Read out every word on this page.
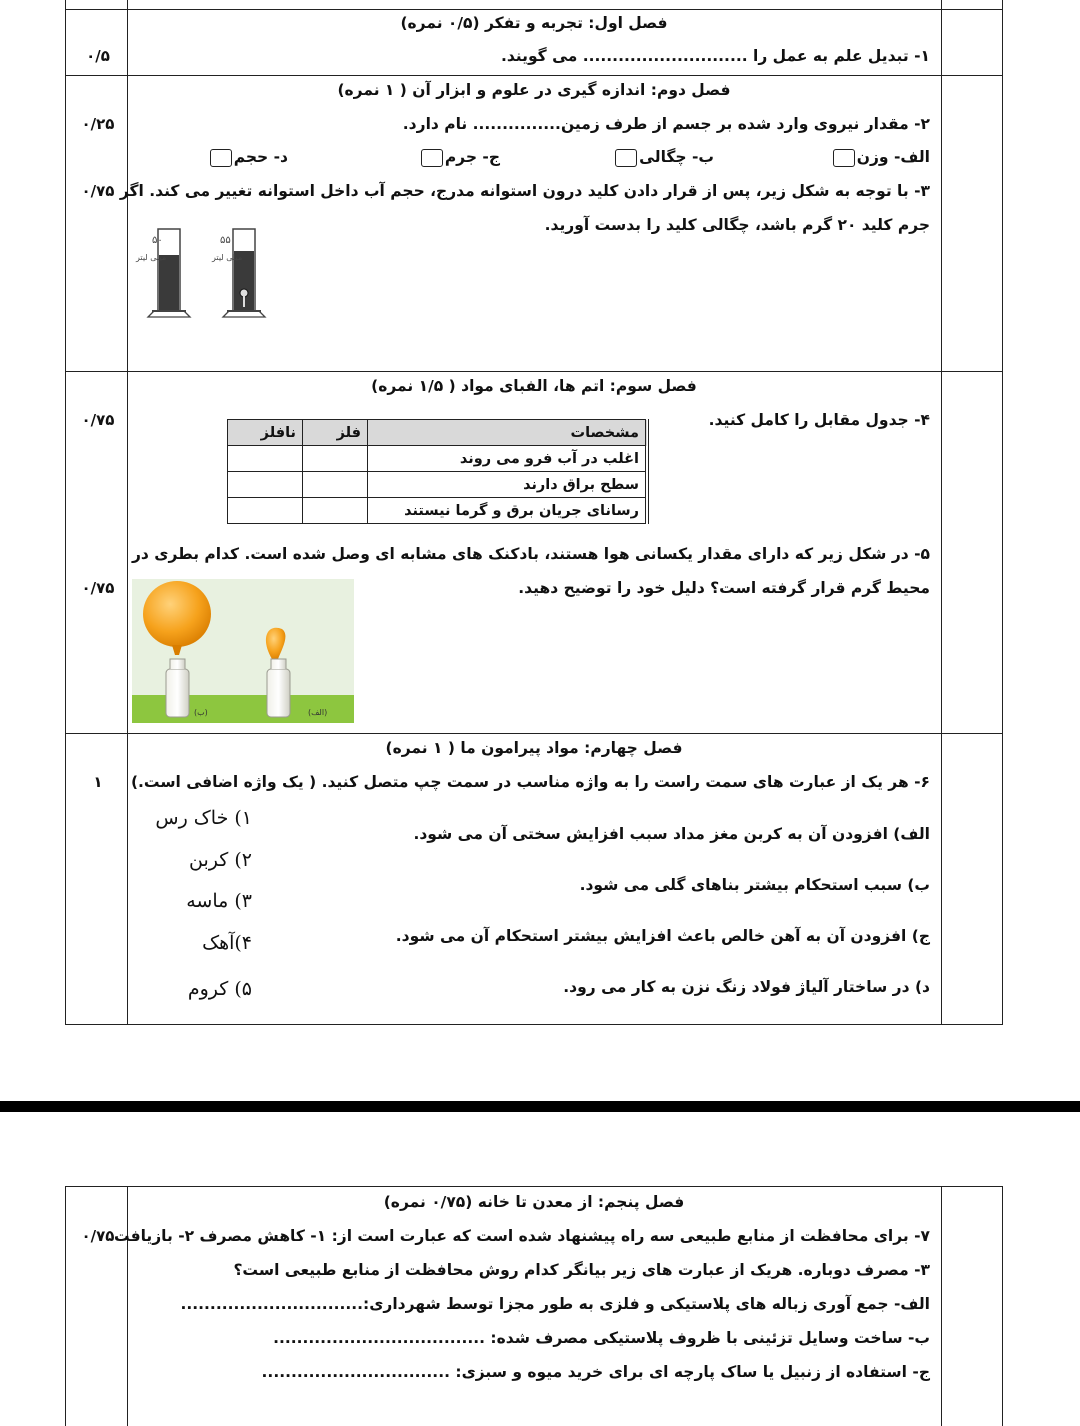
فصل اول: تجربه و تفکر (۰/۵ نمره)
۱- تبدیل علم به عمل را ............................ می گویند.
۰/۵
فصل دوم: اندازه گیری در علوم و ابزار آن ( ۱ نمره)
۲- مقدار نیروی وارد شده بر جسم از طرف زمین............... نام دارد.
۰/۲۵
الف- وزن
ب- چگالی
ج- جرم
د- حجم
۳- با توجه به شکل زیر، پس از قرار دادن کلید درون استوانه مدرج، حجم آب داخل استوانه تغییر می کند. اگر
۰/۷۵
جرم کلید ۲۰ گرم باشد، چگالی کلید را بدست آورید.
۵۵
میلی لیتر
۵۰
میلی لیتر
فصل سوم: اتم ها، الفبای مواد ( ۱/۵ نمره)
۴- جدول مقابل را کامل کنید.
۰/۷۵
مشخصات	فلز	نافلز
اغلب در آب فرو می روند		
سطح براق دارند		
رسانای جریان برق و گرما نیستند		
۵- در شکل زیر که دارای مقدار یکسانی هوا هستند، بادکنک های مشابه ای وصل شده است. کدام بطری در
محیط گرم قرار گرفته است؟ دلیل خود را توضیح دهید.
۰/۷۵
(ب)	(الف)
فصل چهارم: مواد پیرامون ما ( ۱ نمره)
۶- هر یک از عبارت های سمت راست را به واژه مناسب در سمت چپ متصل کنید. ( یک واژه اضافی است.)
۱
الف) افزودن آن به کربن مغز مداد سبب افزایش سختی آن می شود.
ب) سبب استحکام بیشتر بناهای گلی می شود.
ج) افزودن آن به آهن خالص باعث افزایش بیشتر استحکام آن می شود.
د) در ساختار آلیاژ فولاد زنگ نزن به کار می رود.
۱) خاک رس
۲) کربن
۳) ماسه
۴)آهک
۵) کروم
فصل پنجم: از معدن تا خانه (۰/۷۵ نمره)
۷- برای محافظت از منابع طبیعی سه راه پیشنهاد شده است که عبارت است از: ۱- کاهش مصرف ۲- بازیافت
۰/۷۵
۳- مصرف دوباره. هریک از عبارت های زیر بیانگر کدام روش محافظت از منابع طبیعی است؟
الف- جمع آوری زباله های پلاستیکی و فلزی به طور مجزا توسط شهرداری:...............................
ب- ساخت وسایل تزئینی با ظروف پلاستیکی مصرف شده: ....................................
ج- استفاده از زنبیل یا ساک پارچه ای برای خرید میوه و سبزی: ................................
